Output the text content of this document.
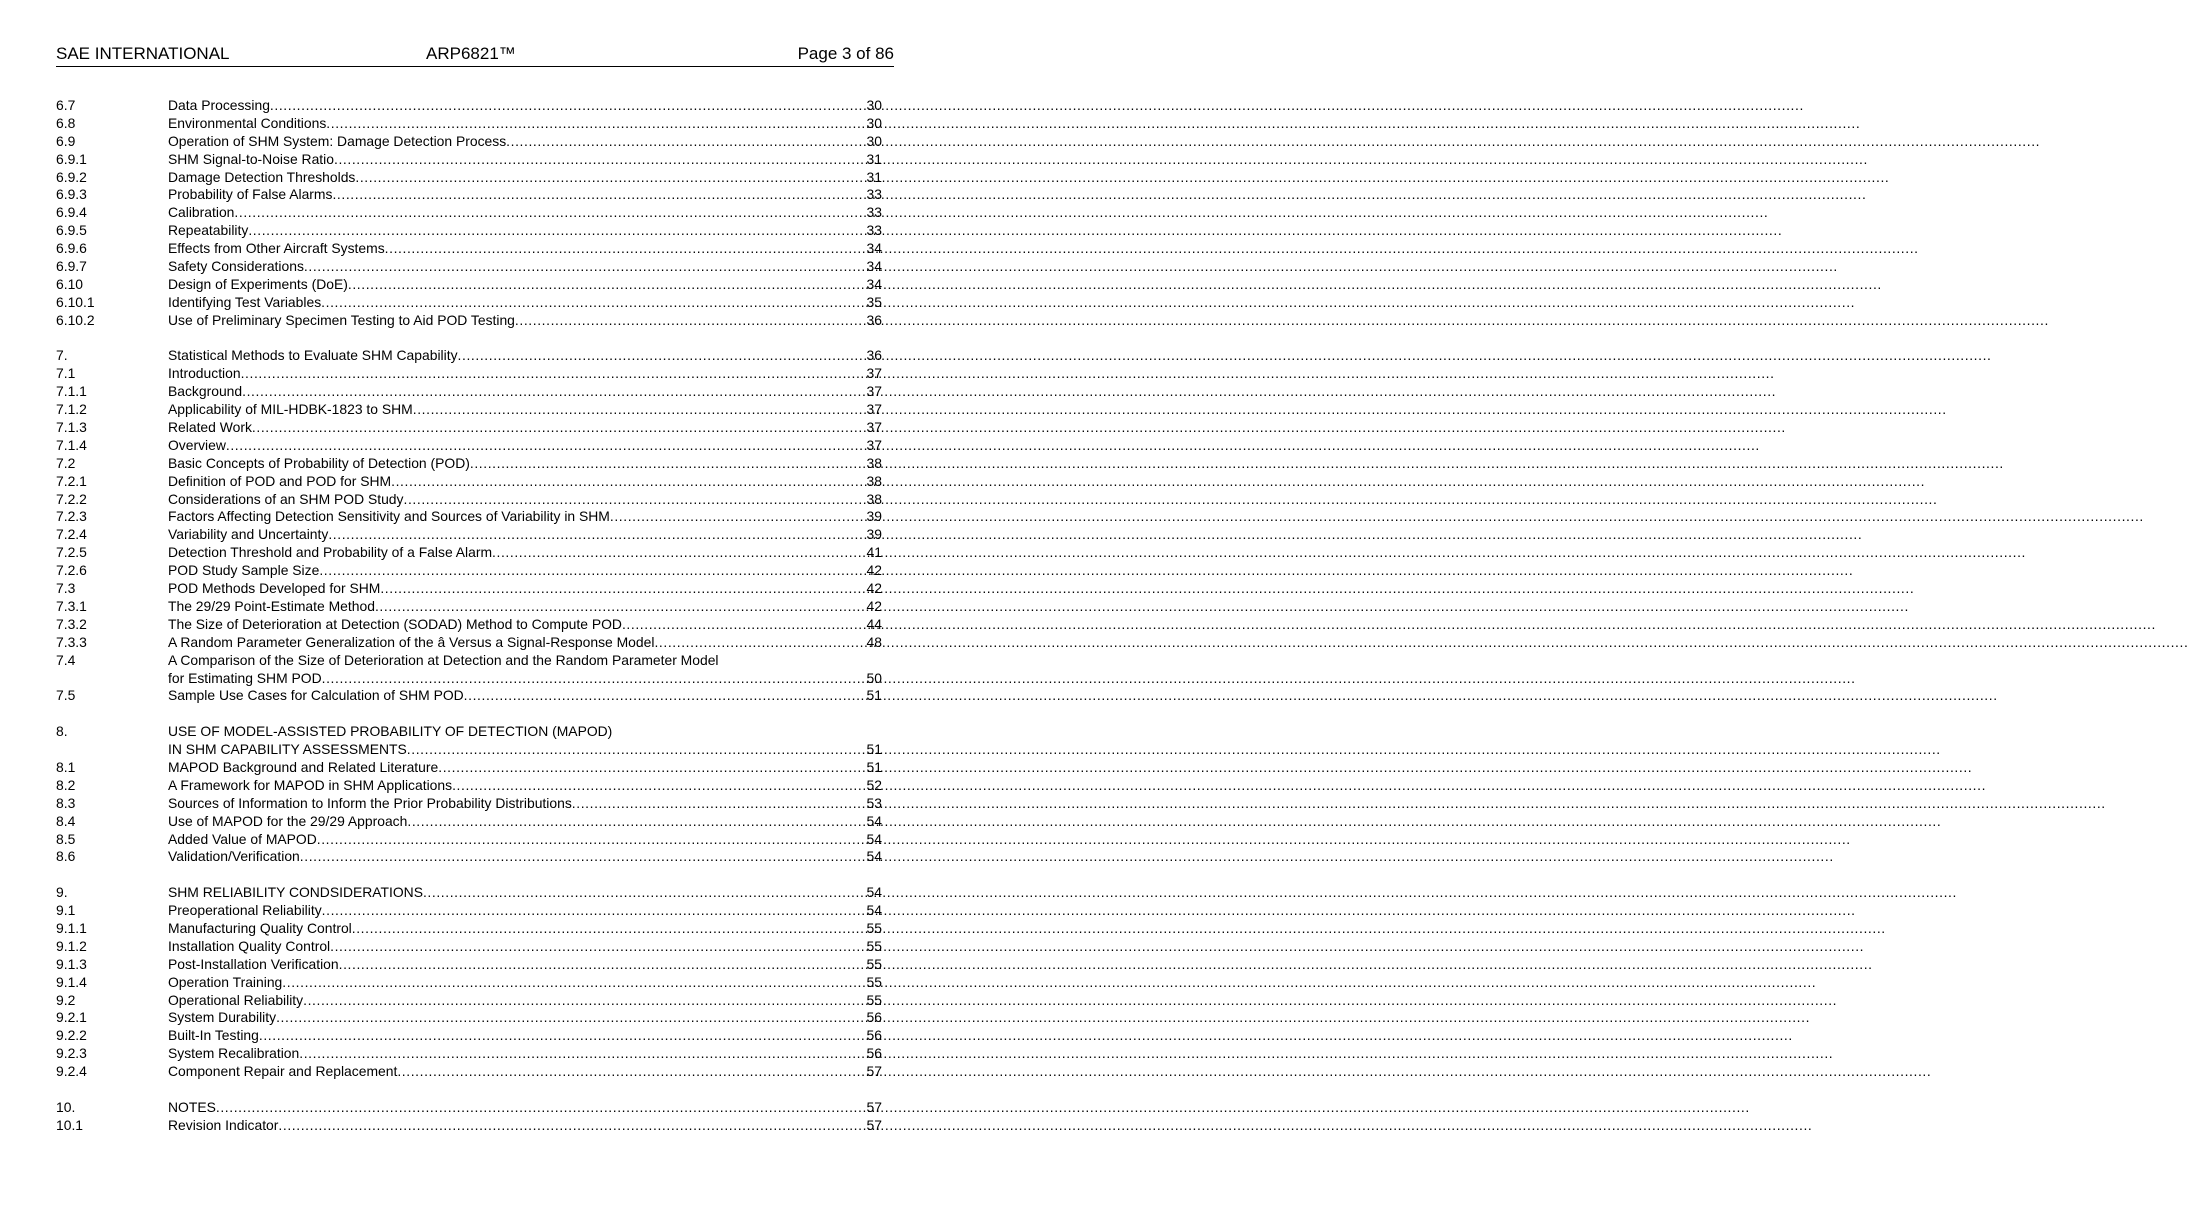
SAE INTERNATIONAL	ARP6821™	Page 3 of 86
6.7	Data Processing .....	30
6.8	Environmental Conditions .....	30
6.9	Operation of SHM System: Damage Detection Process .....	30
6.9.1	SHM Signal-to-Noise Ratio .....	31
6.9.2	Damage Detection Thresholds .....	31
6.9.3	Probability of False Alarms .....	33
6.9.4	Calibration .....	33
6.9.5	Repeatability .....	33
6.9.6	Effects from Other Aircraft Systems .....	34
6.9.7	Safety Considerations .....	34
6.10	Design of Experiments (DoE) .....	34
6.10.1	Identifying Test Variables .....	35
6.10.2	Use of Preliminary Specimen Testing to Aid POD Testing .....	36
7.	Statistical Methods to Evaluate SHM Capability .....	36
7.1	Introduction .....	37
7.1.1	Background .....	37
7.1.2	Applicability of MIL-HDBK-1823 to SHM .....	37
7.1.3	Related Work .....	37
7.1.4	Overview .....	37
7.2	Basic Concepts of Probability of Detection (POD) .....	38
7.2.1	Definition of POD and POD for SHM .....	38
7.2.2	Considerations of an SHM POD Study .....	38
7.2.3	Factors Affecting Detection Sensitivity and Sources of Variability in SHM .....	39
7.2.4	Variability and Uncertainty .....	39
7.2.5	Detection Threshold and Probability of a False Alarm .....	41
7.2.6	POD Study Sample Size .....	42
7.3	POD Methods Developed for SHM .....	42
7.3.1	The 29/29 Point-Estimate Method .....	42
7.3.2	The Size of Deterioration at Detection (SODAD) Method to Compute POD .....	44
7.3.3	A Random Parameter Generalization of the â Versus a Signal-Response Model .....	48
7.4	A Comparison of the Size of Deterioration at Detection and the Random Parameter Model
for Estimating SHM POD .....	50
7.5	Sample Use Cases for Calculation of SHM POD .....	51
8.	USE OF MODEL-ASSISTED PROBABILITY OF DETECTION (MAPOD)
IN SHM CAPABILITY ASSESSMENTS .....	51
8.1	MAPOD Background and Related Literature .....	51
8.2	A Framework for MAPOD in SHM Applications .....	52
8.3	Sources of Information to Inform the Prior Probability Distributions .....	53
8.4	Use of MAPOD for the 29/29 Approach .....	54
8.5	Added Value of MAPOD .....	54
8.6	Validation/Verification .....	54
9.	SHM RELIABILITY CONDSIDERATIONS .....	54
9.1	Preoperational Reliability .....	54
9.1.1	Manufacturing Quality Control .....	55
9.1.2	Installation Quality Control .....	55
9.1.3	Post-Installation Verification .....	55
9.1.4	Operation Training .....	55
9.2	Operational Reliability .....	55
9.2.1	System Durability .....	56
9.2.2	Built-In Testing .....	56
9.2.3	System Recalibration .....	56
9.2.4	Component Repair and Replacement .....	57
10.	NOTES .....	57
10.1	Revision Indicator .....	57
